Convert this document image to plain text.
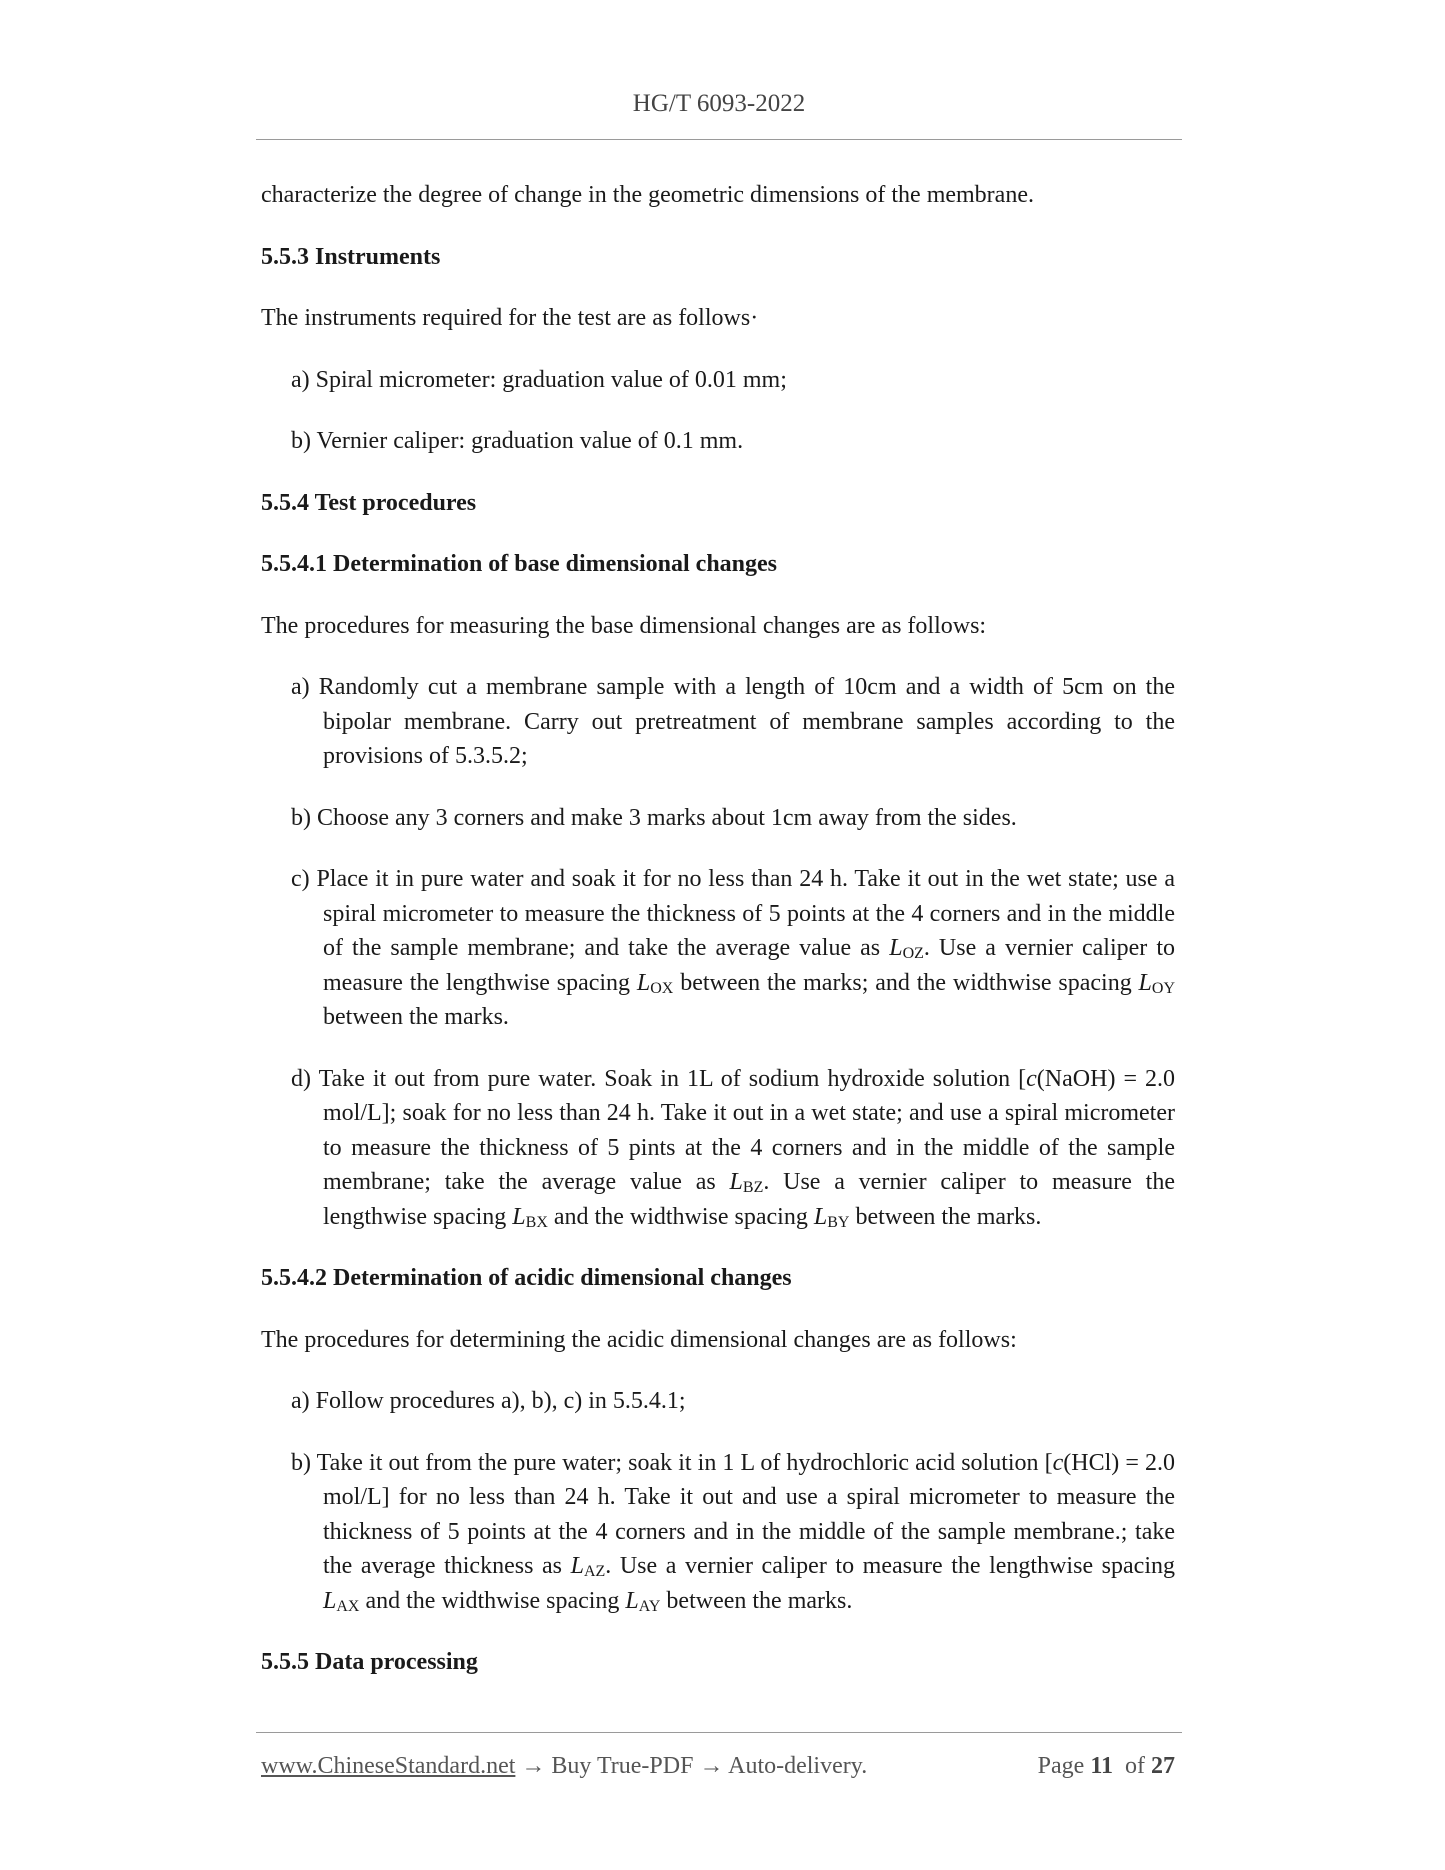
HG/T 6093-2022

characterize the degree of change in the geometric dimensions of the membrane.

5.5.3 Instruments

The instruments required for the test are as follows·

a) Spiral micrometer: graduation value of 0.01 mm;

b) Vernier caliper: graduation value of 0.1 mm.

5.5.4 Test procedures

5.5.4.1 Determination of base dimensional changes

The procedures for measuring the base dimensional changes are as follows:

a) Randomly cut a membrane sample with a length of 10cm and a width of 5cm on the bipolar membrane. Carry out pretreatment of membrane samples according to the provisions of 5.3.5.2;

b) Choose any 3 corners and make 3 marks about 1cm away from the sides.

c) Place it in pure water and soak it for no less than 24 h. Take it out in the wet state; use a spiral micrometer to measure the thickness of 5 points at the 4 corners and in the middle of the sample membrane; and take the average value as $L_{OZ}$. Use a vernier caliper to measure the lengthwise spacing $L_{OX}$ between the marks; and the widthwise spacing $L_{OY}$ between the marks.

d) Take it out from pure water. Soak in 1L of sodium hydroxide solution [c(NaOH) = 2.0 mol/L]; soak for no less than 24 h. Take it out in a wet state; and use a spiral micrometer to measure the thickness of 5 pints at the 4 corners and in the middle of the sample membrane; take the average value as $L_{BZ}$. Use a vernier caliper to measure the lengthwise spacing $L_{BX}$ and the widthwise spacing $L_{BY}$ between the marks.

5.5.4.2 Determination of acidic dimensional changes

The procedures for determining the acidic dimensional changes are as follows:

a) Follow procedures a), b), c) in 5.5.4.1;

b) Take it out from the pure water; soak it in 1 L of hydrochloric acid solution [c(HCl) = 2.0 mol/L] for no less than 24 h. Take it out and use a spiral micrometer to measure the thickness of 5 points at the 4 corners and in the middle of the sample membrane.; take the average thickness as $L_{AZ}$. Use a vernier caliper to measure the lengthwise spacing $L_{AX}$ and the widthwise spacing $L_{AY}$ between the marks.

5.5.5 Data processing

www.ChineseStandard.net → Buy True-PDF → Auto-delivery.	Page 11 of 27
